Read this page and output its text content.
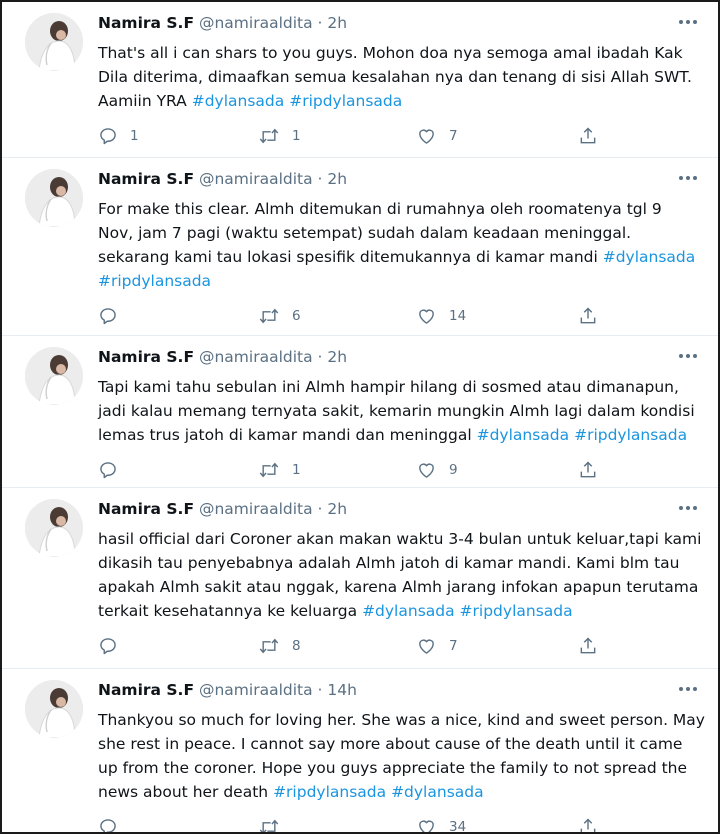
Namira S.F @namiraaldita · 2h
That's all i can shars to you guys. Mohon doa nya semoga amal ibadah Kak
Dila diterima, dimaafkan semua kesalahan nya dan tenang di sisi Allah SWT.
Aamiin YRA #dylansada #ripdylansada
1	1	7
Namira S.F @namiraaldita · 2h
For make this clear. Almh ditemukan di rumahnya oleh roomatenya tgl 9
Nov, jam 7 pagi (waktu setempat) sudah dalam keadaan meninggal.
sekarang kami tau lokasi spesifik ditemukannya di kamar mandi #dylansada
#ripdylansada
6	14
Namira S.F @namiraaldita · 2h
Tapi kami tahu sebulan ini Almh hampir hilang di sosmed atau dimanapun,
jadi kalau memang ternyata sakit, kemarin mungkin Almh lagi dalam kondisi
lemas trus jatoh di kamar mandi dan meninggal #dylansada #ripdylansada
1	9
Namira S.F @namiraaldita · 2h
hasil official dari Coroner akan makan waktu 3-4 bulan untuk keluar,tapi kami
dikasih tau penyebabnya adalah Almh jatoh di kamar mandi. Kami blm tau
apakah Almh sakit atau nggak, karena Almh jarang infokan apapun terutama
terkait kesehatannya ke keluarga #dylansada #ripdylansada
8	7
Namira S.F @namiraaldita · 14h
Thankyou so much for loving her. She was a nice, kind and sweet person. May
she rest in peace. I cannot say more about cause of the death until it came
up from the coroner. Hope you guys appreciate the family to not spread the
news about her death #ripdylansada #dylansada
34
